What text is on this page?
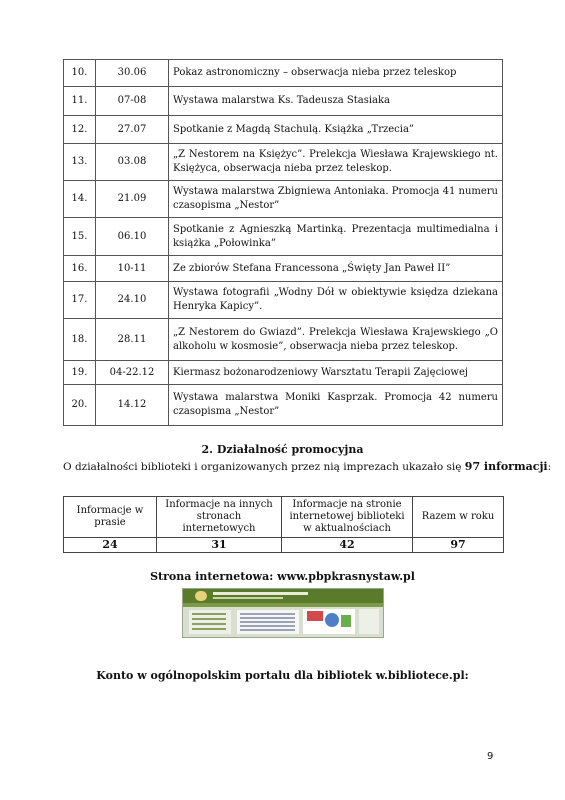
10.	30.06	Pokaz astronomiczny – obserwacja nieba przez teleskop
11.	07-08	Wystawa malarstwa Ks. Tadeusza Stasiaka
12.	27.07	Spotkanie z Magdą Stachulą. Książka „Trzecia”
13.	03.08	„Z Nestorem na Księżyc”. Prelekcja Wiesława Krajewskiego nt. Księżyca, obserwacja nieba przez teleskop.
14.	21.09	Wystawa malarstwa Zbigniewa Antoniaka. Promocja 41 numeru czasopisma „Nestor”
15.	06.10	Spotkanie z Agnieszką Martinką. Prezentacja multimedialna i książka „Połowinka”
16.	10-11	Ze zbiorów Stefana Francessona „Święty Jan Paweł II”
17.	24.10	Wystawa fotografii „Wodny Dół w obiektywie księdza dziekana Henryka Kapicy”.
18.	28.11	„Z Nestorem do Gwiazd”. Prelekcja Wiesława Krajewskiego „O alkoholu w kosmosie”, obserwacja nieba przez teleskop.
19.	04-22.12	Kiermasz bożonarodzeniowy Warsztatu Terapii Zajęciowej
20.	14.12	Wystawa malarstwa Moniki Kasprzak. Promocja 42 numeru czasopisma „Nestor”
2. Działalność promocyjna
O działalności biblioteki i organizowanych przez nią imprezach ukazało się 97 informacji:
Informacje w prasie	Informacje na innych stronach internetowych	Informacje na stronie internetowej biblioteki w aktualnościach	Razem w roku
24	31	42	97
Strona internetowa: www.pbpkrasnystaw.pl
Konto w ogólnopolskim portalu dla bibliotek w.bibliotece.pl:
9
